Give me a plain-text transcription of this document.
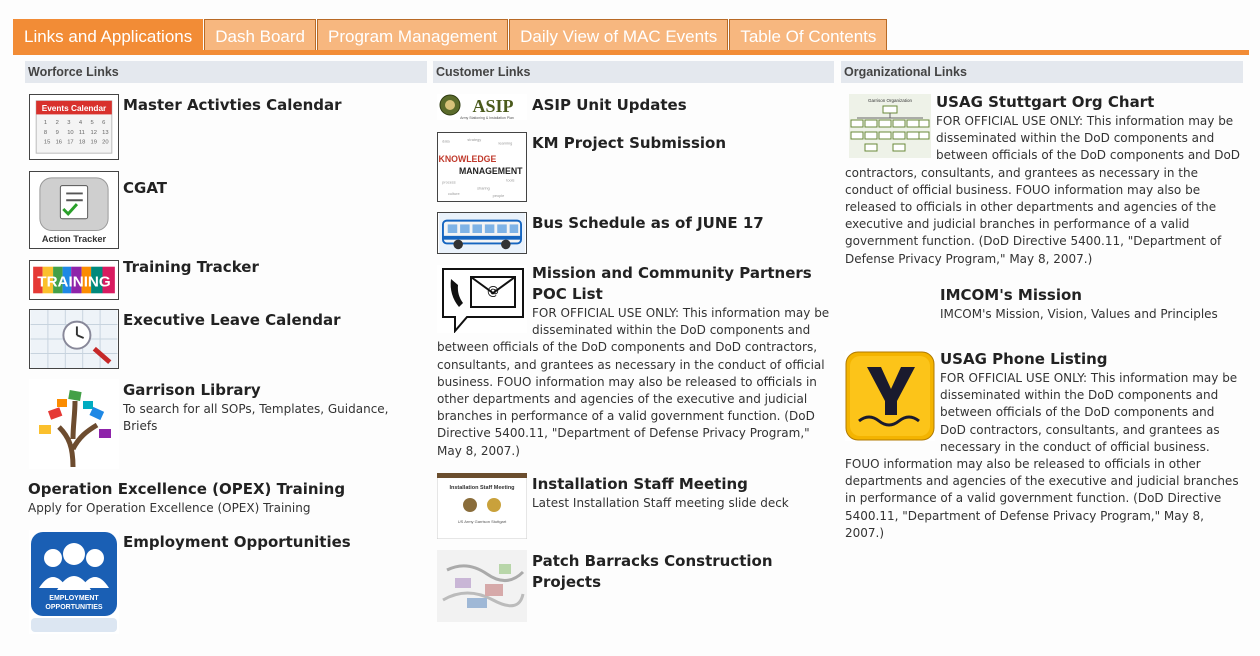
Links and Applications	Dash Board	Program Management	Daily View of MAC Events	Table Of Contents
Worforce Links
Events Calendar
1 2 3 4 5 6
8 9 10 11 12 13
15 16 17 18 19 20
Master Activties Calendar
Action Tracker
CGAT
TRAINING
Training Tracker
Executive Leave Calendar
Garrison Library
To search for all SOPs, Templates, Guidance, Briefs
Operation Excellence (OPEX) Training
Apply for Operation Excellence (OPEX) Training
EMPLOYMENT
OPPORTUNITIES
Employment Opportunities
Customer Links
ASIP
Army Stationing & Installation Plan
ASIP Unit Updates
data	strategy
learning
process
sharing
tools
culture	people
KNOWLEDGE
MANAGEMENT
KM Project Submission
Bus Schedule as of JUNE 17
@
Mission and Community Partners POC List
FOR OFFICIAL USE ONLY: This information may be disseminated within the DoD components and between officials of the DoD components and DoD contractors, consultants, and grantees as necessary in the conduct of official business. FOUO information may also be released to officials in other departments and agencies of the executive and judicial branches in performance of a valid government function. (DoD Directive 5400.11, "Department of Defense Privacy Program," May 8, 2007.)
Installation Staff Meeting
US Army Garrison Stuttgart
Installation Staff Meeting
Latest Installation Staff meeting slide deck
Patch Barracks Construction Projects
Organizational Links
Garrison Organization	USAG Stuttgart Org Chart
FOR OFFICIAL USE ONLY: This information may be disseminated within the DoD components and between officials of the DoD components and DoD contractors, consultants, and grantees as necessary in the conduct of official business. FOUO information may also be released to officials in other departments and agencies of the executive and judicial branches in performance of a valid government function. (DoD Directive 5400.11, "Department of Defense Privacy Program," May 8, 2007.)
IMCOM's Mission
IMCOM's Mission, Vision, Values and Principles
USAG Phone Listing
FOR OFFICIAL USE ONLY: This information may be disseminated within the DoD components and between officials of the DoD components and DoD contractors, consultants, and grantees as necessary in the conduct of official business. FOUO information may also be released to officials in other departments and agencies of the executive and judicial branches in performance of a valid government function. (DoD Directive 5400.11, "Department of Defense Privacy Program," May 8, 2007.)
